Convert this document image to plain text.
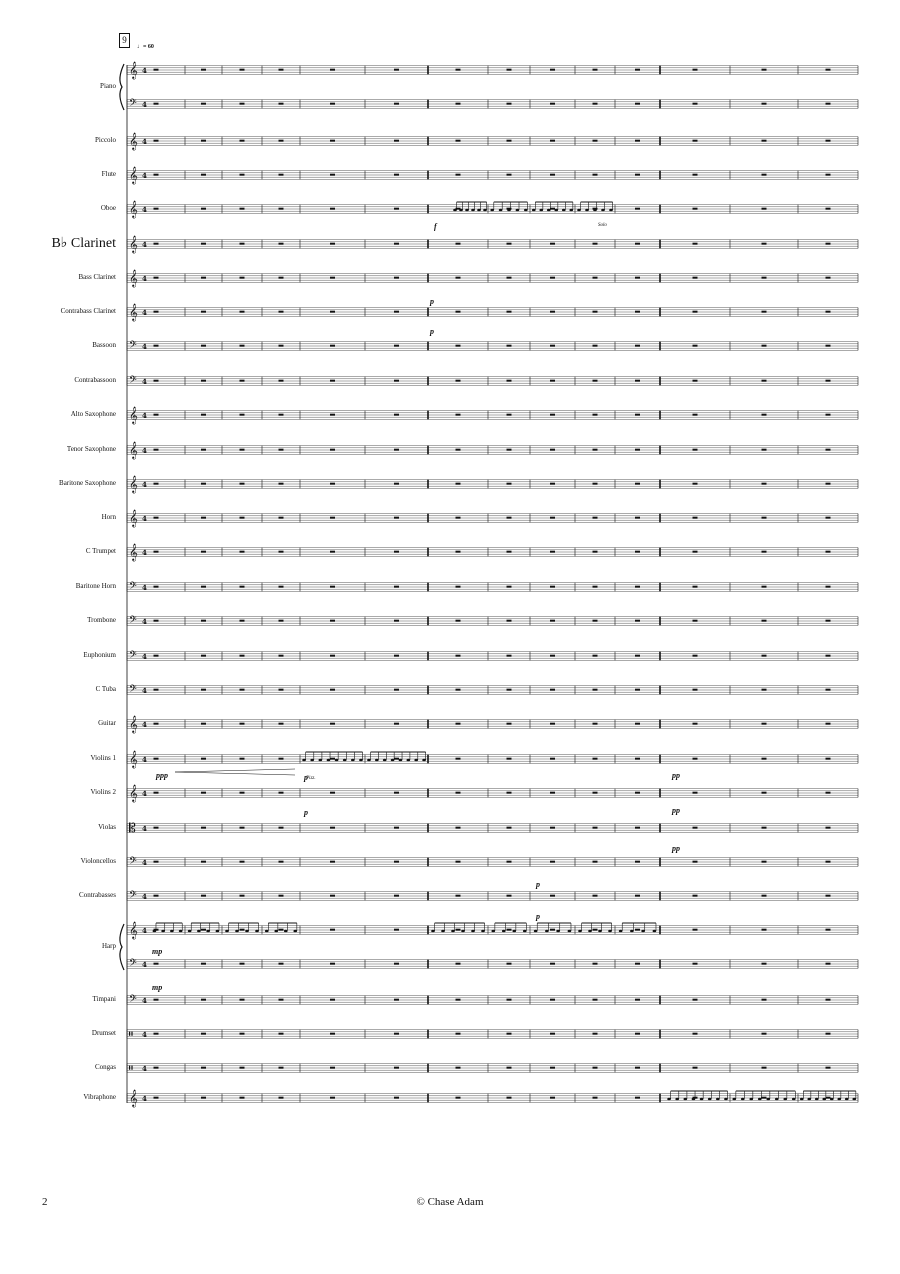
9
♩= 60
Piano
Piccolo
Flute
Oboe
B♭ Clarinet
Bass Clarinet
Contrabass Clarinet
Bassoon
Contrabassoon
Alto Saxophone
Tenor Saxophone
Baritone Saxophone
Horn
C Trumpet
Baritone Horn
Trombone
Euphonium
C Tuba
Guitar
Violins 1
Violins 2
Violas
Violoncellos
Contrabasses
Harp
Timpani
Drumset
Congas
Vibraphone
𝄞 4
𝄢 4
𝄞 4
𝄞 4
𝄞 4
𝄞 4
𝄞 4
𝄞 4
𝄢 4
𝄢 4
𝄞 4
𝄞 4
𝄞 4
𝄞 4
𝄞 4
𝄢 4
𝄢 4
𝄢 4
𝄢 4
𝄞 4
𝄞 4
𝄞 4
𝄡 4
𝄢 4
𝄢 4
𝄞 4
𝄢 4
𝄢 4
𝄥 4
𝄥 4
𝄞 4
f
p
p
ppp	p
p
pp
pp
pp
p
p
mp
mp
Solo
Pizz.
2	© Chase Adam
